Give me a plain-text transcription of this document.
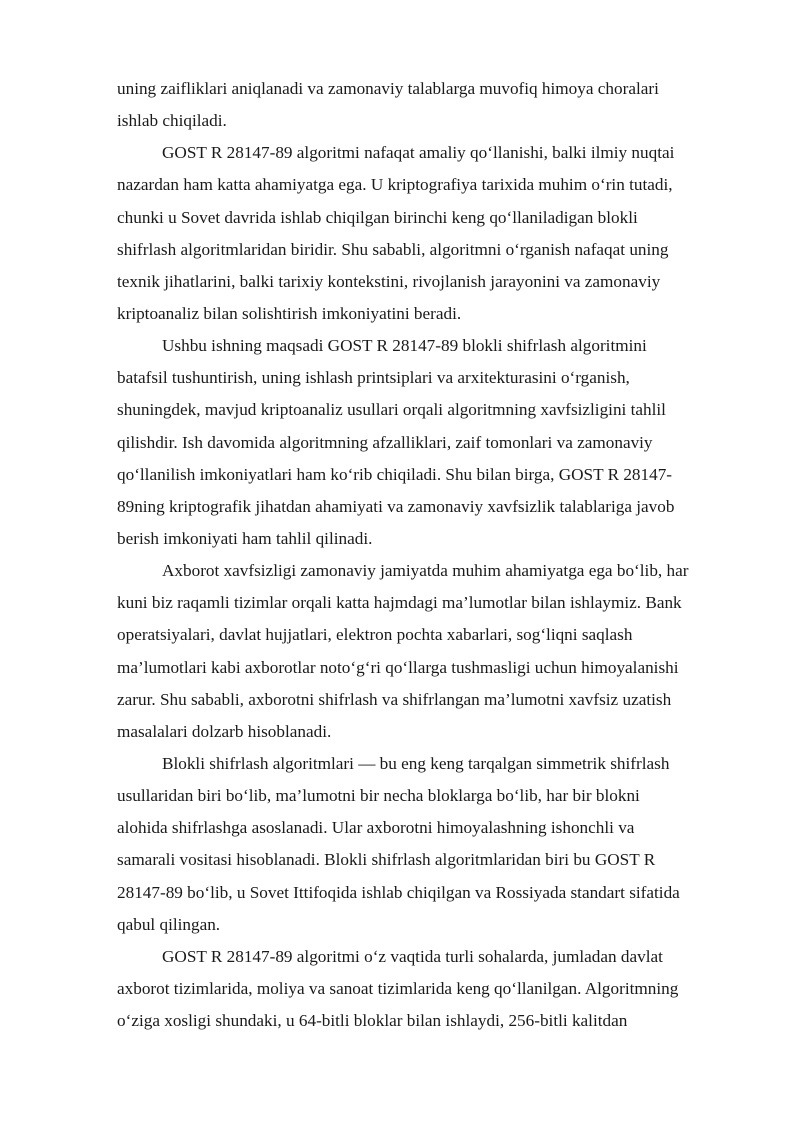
uning zaifliklari aniqlanadi va zamonaviy talablarga muvofiq himoya choralari
ishlab chiqiladi.
GOST R 28147-89 algoritmi nafaqat amaliy qo‘llanishi, balki ilmiy nuqtai
nazardan ham katta ahamiyatga ega. U kriptografiya tarixida muhim o‘rin tutadi,
chunki u Sovet davrida ishlab chiqilgan birinchi keng qo‘llaniladigan blokli
shifrlash algoritmlaridan biridir. Shu sababli, algoritmni o‘rganish nafaqat uning
texnik jihatlarini, balki tarixiy kontekstini, rivojlanish jarayonini va zamonaviy
kriptoanaliz bilan solishtirish imkoniyatini beradi.
Ushbu ishning maqsadi GOST R 28147-89 blokli shifrlash algoritmini
batafsil tushuntirish, uning ishlash printsiplari va arxitekturasini o‘rganish,
shuningdek, mavjud kriptoanaliz usullari orqali algoritmning xavfsizligini tahlil
qilishdir. Ish davomida algoritmning afzalliklari, zaif tomonlari va zamonaviy
qo‘llanilish imkoniyatlari ham ko‘rib chiqiladi. Shu bilan birga, GOST R 28147-
89ning kriptografik jihatdan ahamiyati va zamonaviy xavfsizlik talablariga javob
berish imkoniyati ham tahlil qilinadi.
Axborot xavfsizligi zamonaviy jamiyatda muhim ahamiyatga ega bo‘lib, har
kuni biz raqamli tizimlar orqali katta hajmdagi ma’lumotlar bilan ishlaymiz. Bank
operatsiyalari, davlat hujjatlari, elektron pochta xabarlari, sog‘liqni saqlash
ma’lumotlari kabi axborotlar noto‘g‘ri qo‘llarga tushmasligi uchun himoyalanishi
zarur. Shu sababli, axborotni shifrlash va shifrlangan ma’lumotni xavfsiz uzatish
masalalari dolzarb hisoblanadi.
Blokli shifrlash algoritmlari — bu eng keng tarqalgan simmetrik shifrlash
usullaridan biri bo‘lib, ma’lumotni bir necha bloklarga bo‘lib, har bir blokni
alohida shifrlashga asoslanadi. Ular axborotni himoyalashning ishonchli va
samarali vositasi hisoblanadi. Blokli shifrlash algoritmlaridan biri bu GOST R
28147-89 bo‘lib, u Sovet Ittifoqida ishlab chiqilgan va Rossiyada standart sifatida
qabul qilingan.
GOST R 28147-89 algoritmi o‘z vaqtida turli sohalarda, jumladan davlat
axborot tizimlarida, moliya va sanoat tizimlarida keng qo‘llanilgan. Algoritmning
o‘ziga xosligi shundaki, u 64-bitli bloklar bilan ishlaydi, 256-bitli kalitdan
